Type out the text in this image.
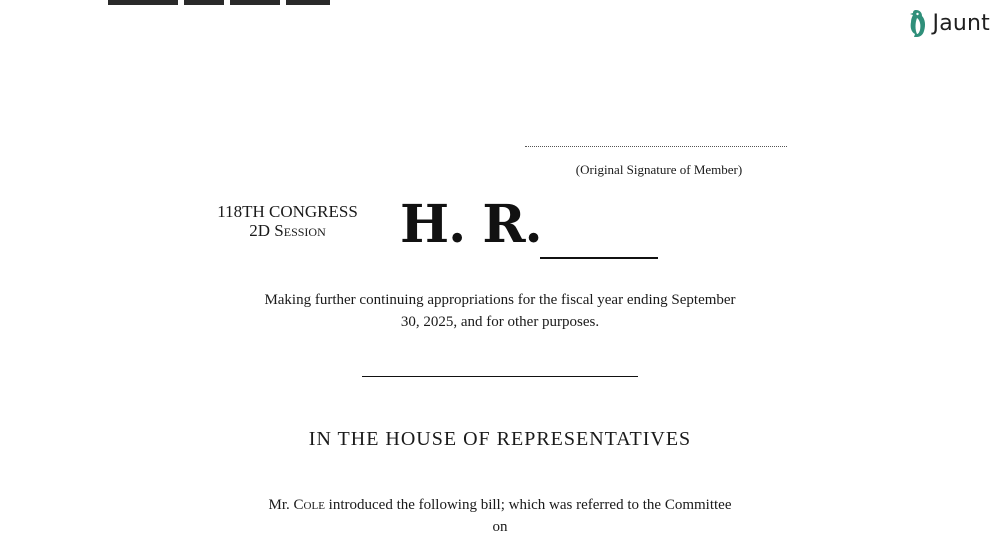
Jaunt
(Original Signature of Member)
118TH CONGRESS
2D Session	H. R.
Making further continuing appropriations for the fiscal year ending September
30, 2025, and for other purposes.
IN THE HOUSE OF REPRESENTATIVES
Mr. Cole introduced the following bill; which was referred to the Committee
on
